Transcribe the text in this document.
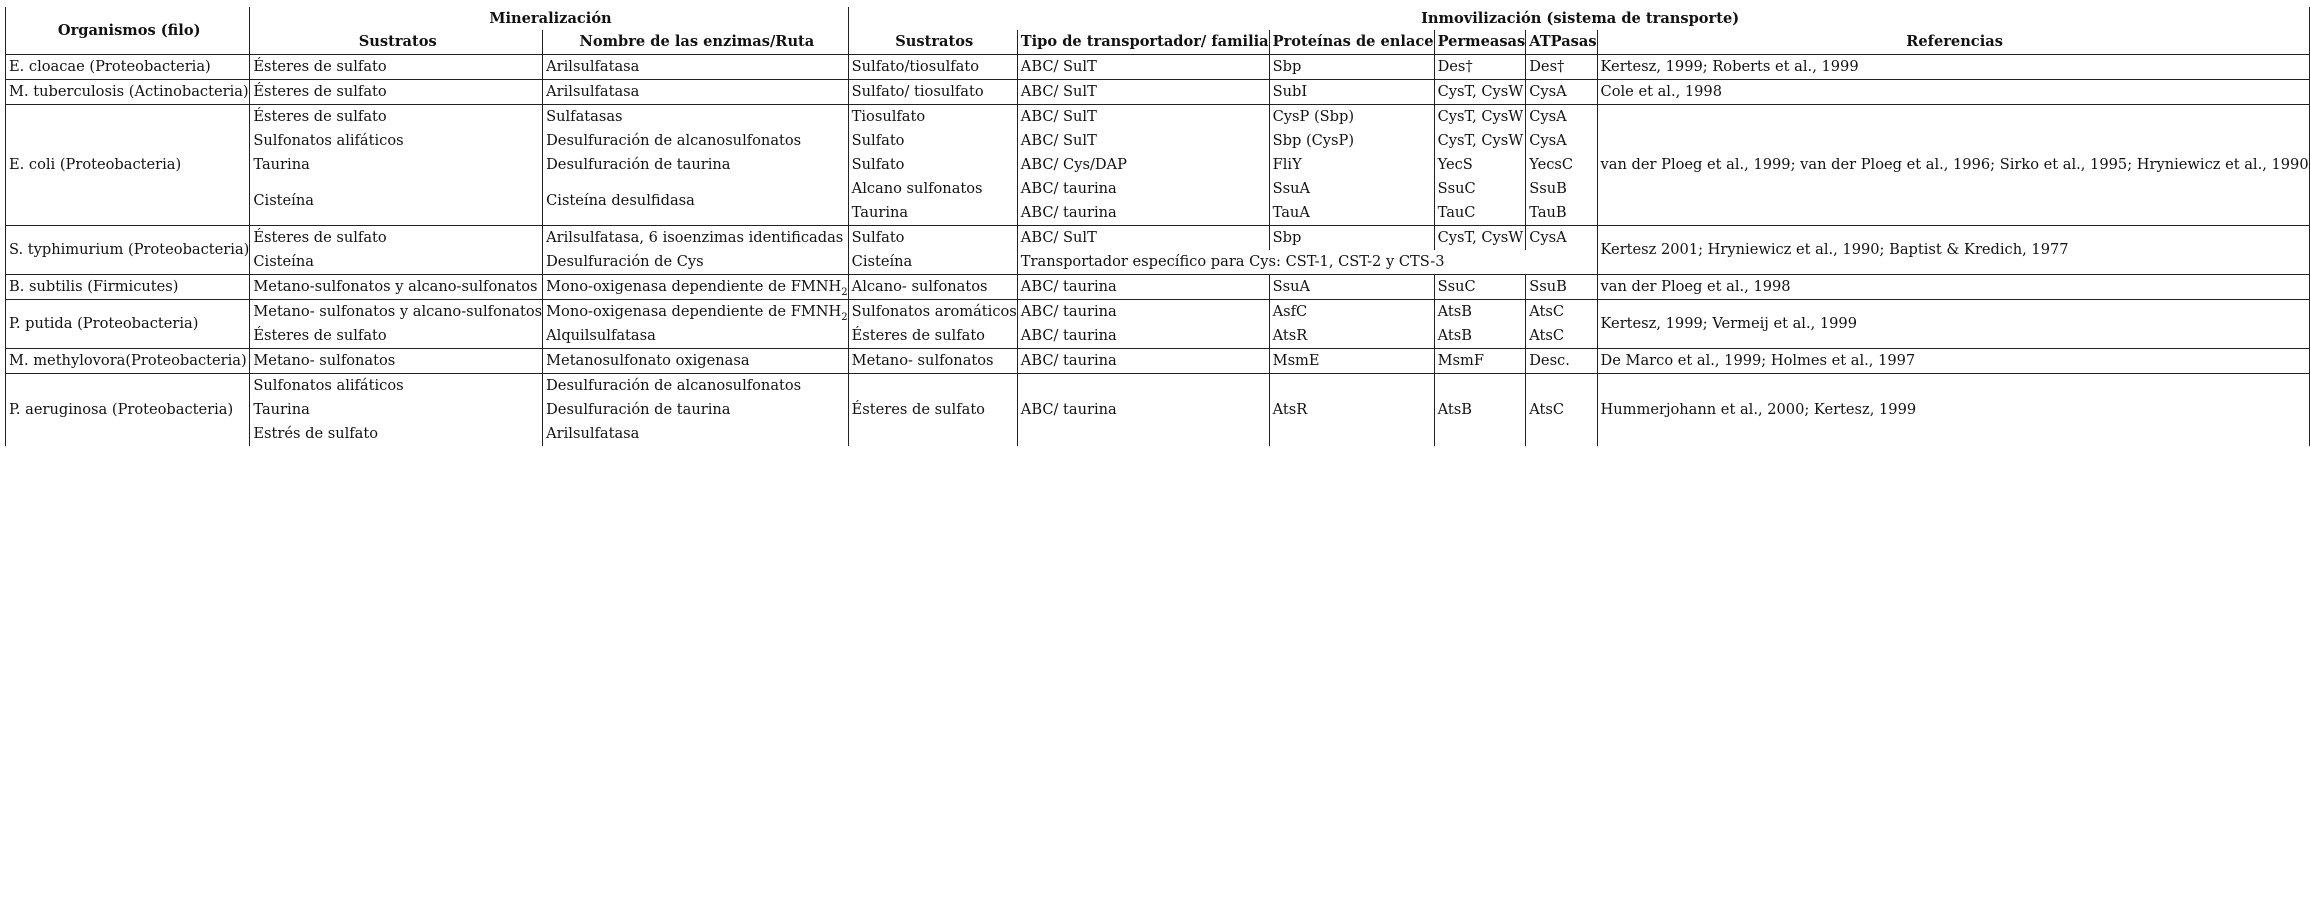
Organismos (filo)	Mineralización		Inmovilización (sistema de transporte)					
	Sustratos	Nombre de las enzimas/Ruta	Sustratos	Tipo de transportador/ familia	Proteínas de enlace	Permeasas	ATPasas	Referencias
E. cloacae (Proteobacteria)	Ésteres de sulfato	Arilsulfatasa	Sulfato/tiosulfato	ABC/ SulT	Sbp	Des†	Des†	Kertesz, 1999; Roberts et al., 1999
M. tuberculosis (Actinobacteria)	Ésteres de sulfato	Arilsulfatasa	Sulfato/ tiosulfato	ABC/ SulT	SubI	CysT, CysW	CysA	Cole et al., 1998
E. coli (Proteobacteria)	Ésteres de sulfato	Sulfatasas	Tiosulfato	ABC/ SulT	CysP (Sbp)	CysT, CysW	CysA	van der Ploeg et al., 1999; van der Ploeg et al., 1996; Sirko et al., 1995; Hryniewicz et al., 1990
	Sulfonatos alifáticos	Desulfuración de alcanosulfonatos	Sulfato	ABC/ SulT	Sbp (CysP)	CysT, CysW	CysA	
	Taurina	Desulfuración de taurina	Sulfato	ABC/ Cys/DAP	FliY	YecS	YecsC	
	Cisteína	Cisteína desulfidasa	Alcano sulfonatos	ABC/ taurina	SsuA	SsuC	SsuB	
			Taurina	ABC/ taurina	TauA	TauC	TauB	
S. typhimurium (Proteobacteria)	Ésteres de sulfato	Arilsulfatasa, 6 isoenzimas identificadas	Sulfato	ABC/ SulT	Sbp	CysT, CysW	CysA	Kertesz 2001; Hryniewicz et al., 1990; Baptist & Kredich, 1977
	Cisteína	Desulfuración de Cys	Cisteína	Transportador específico para Cys: CST-1, CST-2 y CTS-3				
B. subtilis (Firmicutes)	Metano-sulfonatos y alcano-sulfonatos	Mono-oxigenasa dependiente de $FMNH_2$	Alcano- sulfonatos	ABC/ taurina	SsuA	SsuC	SsuB	van der Ploeg et al., 1998
P. putida (Proteobacteria)	Metano- sulfonatos y alcano-sulfonatos	Mono-oxigenasa dependiente de $FMNH_2$	Sulfonatos aromáticos	ABC/ taurina	AsfC	AtsB	AtsC	Kertesz, 1999; Vermeij et al., 1999
	Ésteres de sulfato	Alquilsulfatasa	Ésteres de sulfato	ABC/ taurina	AtsR	AtsB	AtsC	
M. methylovora(Proteobacteria)	Metano- sulfonatos	Metanosulfonato oxigenasa	Metano- sulfonatos	ABC/ taurina	MsmE	MsmF	Desc.	De Marco et al., 1999; Holmes et al., 1997
P. aeruginosa (Proteobacteria)	Sulfonatos alifáticos	Desulfuración de alcanosulfonatos	Ésteres de sulfato	ABC/ taurina	AtsR	AtsB	AtsC	Hummerjohann et al., 2000; Kertesz, 1999
	Taurina	Desulfuración de taurina						
	Estrés de sulfato	Arilsulfatasa						
